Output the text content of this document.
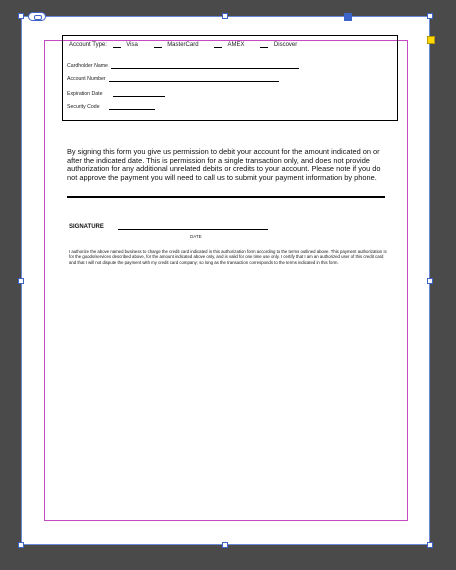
Account Type:	Visa	MasterCard	AMEX	Discover
Cardholder Name
Account Number
Expiration Date
Security Code
By signing this form you give us permission to debit your account for the amount indicated on or after the indicated date. This is permission for a single transaction only, and does not provide authorization for any additional unrelated debits or credits to your account. Please note if you do not approve the payment you will need to call us to submit your payment information by phone.
SIGNATURE
DATE
I authorize the above named business to charge the credit card indicated in this authorization form according to the terms outlined above. This payment authorization is for the goods/services described above, for the amount indicated above only, and is valid for one time use only. I certify that I am an authorized user of this credit card and that I will not dispute the payment with my credit card company; so long as the transaction corresponds to the terms indicated in this form.
